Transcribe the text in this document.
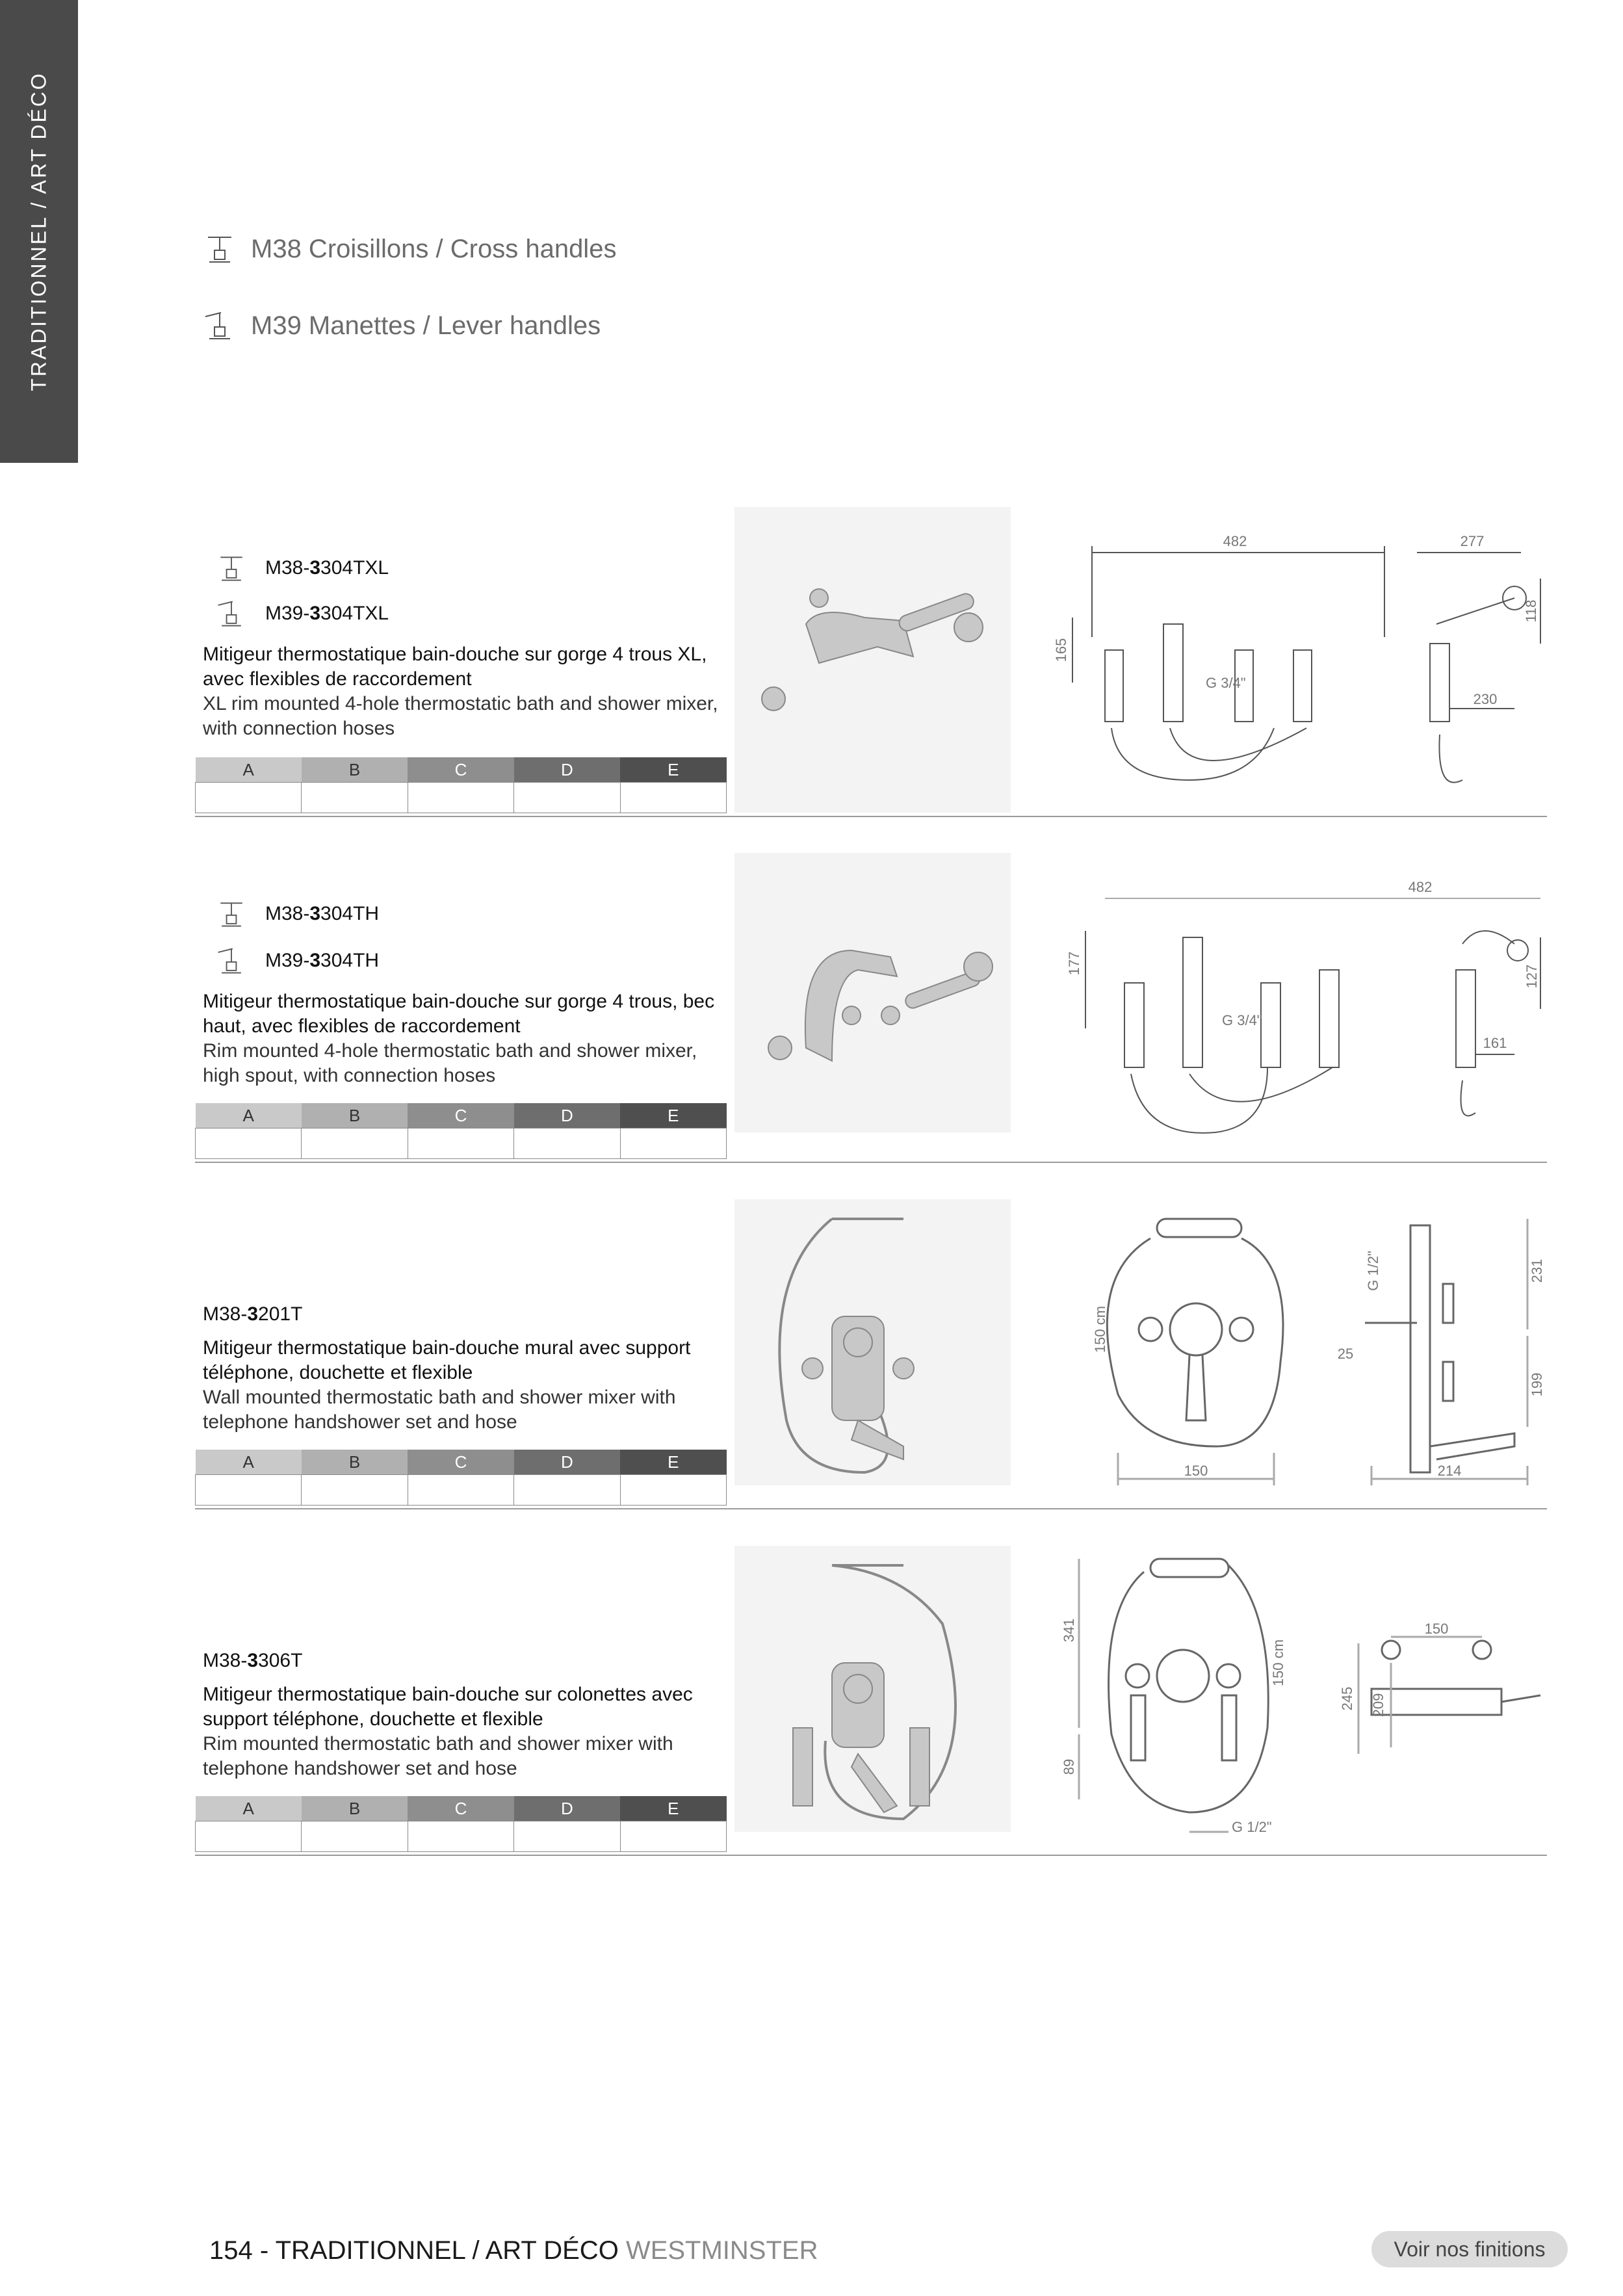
TRADITIONNEL / ART DÉCO	M38 Croisillons / Cross handles
M39 Manettes / Lever handles
M38-3304TXL
M39-3304TXL
Mitigeur thermostatique bain-douche sur gorge 4 trous XL, avec flexibles de raccordement
XL rim mounted 4-hole thermostatic bath and shower mixer, with connection hoses
A	B	C	D	E

482	277
165
118
230
G 3/4"
M38-3304TH
M39-3304TH
Mitigeur thermostatique bain-douche sur gorge 4 trous, bec haut, avec flexibles de raccordement
Rim mounted 4-hole thermostatic bath and shower mixer, high spout, with connection hoses
A	B	C	D	E

482
177
127
161
G 3/4"
M38-3201T
Mitigeur thermostatique bain-douche mural avec support téléphone, douchette et flexible
Wall mounted thermostatic bath and shower mixer with telephone handshower set and hose
A	B	C	D	E

150 cm
150
G 1/2"	231
25
199
214
M38-3306T
Mitigeur thermostatique bain-douche sur colonettes avec support téléphone, douchette et flexible
Rim mounted thermostatic bath and shower mixer with telephone handshower set and hose
A	B	C	D	E

341
89
150 cm
G 1/2"
150
245 209
154 - TRADITIONNEL / ART DÉCO WESTMINSTER	Voir nos finitions
